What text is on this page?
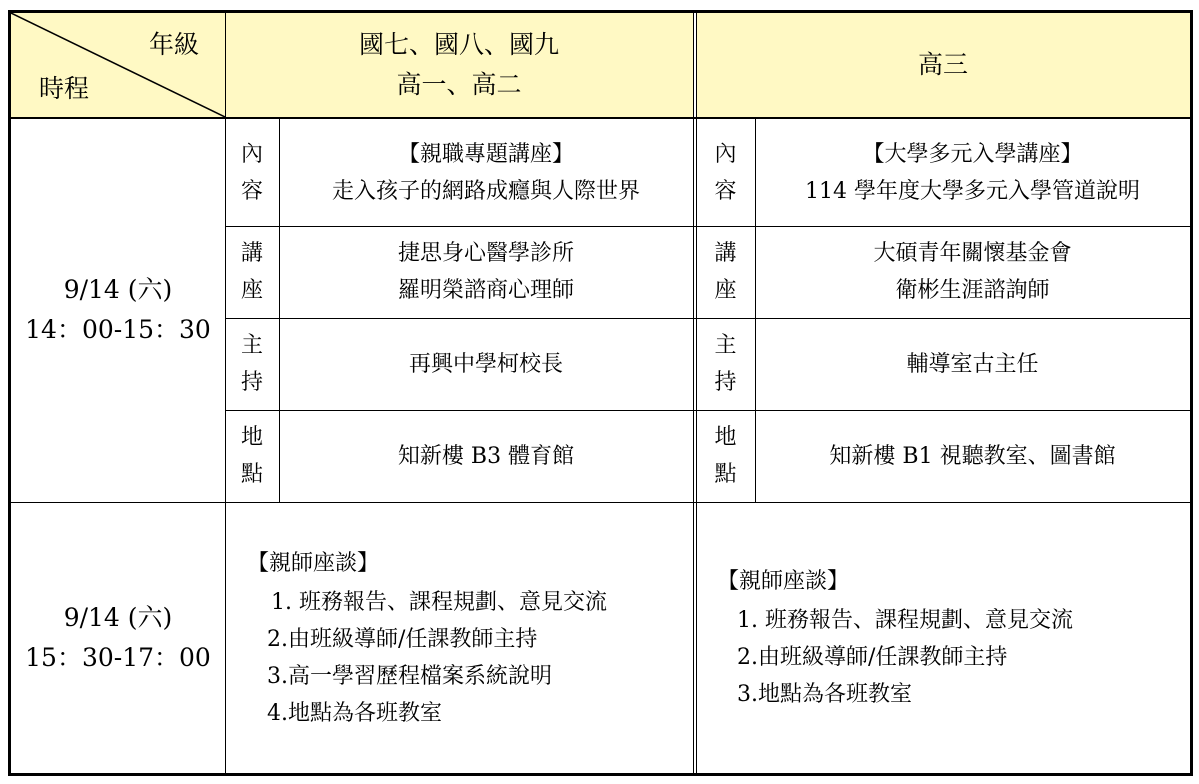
年級
時程
國七、國八、國九
高一、高二
高三
9/14 (六)
14：00-15：30
內
容
講
座
主
持
地
點
【親職專題講座】
走入孩子的網路成癮與人際世界
捷思身心醫學診所
羅明榮諮商心理師
再興中學柯校長
知新樓 B3 體育館
內
容
講
座
主
持
地
點
【大學多元入學講座】
114 學年度大學多元入學管道說明
大碩青年關懷基金會
衛彬生涯諮詢師
輔導室古主任
知新樓 B1 視聽教室、圖書館
9/14 (六)
15：30-17：00
【親師座談】
1. 班務報告、課程規劃、意見交流
2.由班級導師/任課教師主持
3.高一學習歷程檔案系統說明
4.地點為各班教室
【親師座談】
1. 班務報告、課程規劃、意見交流
2.由班級導師/任課教師主持
3.地點為各班教室
